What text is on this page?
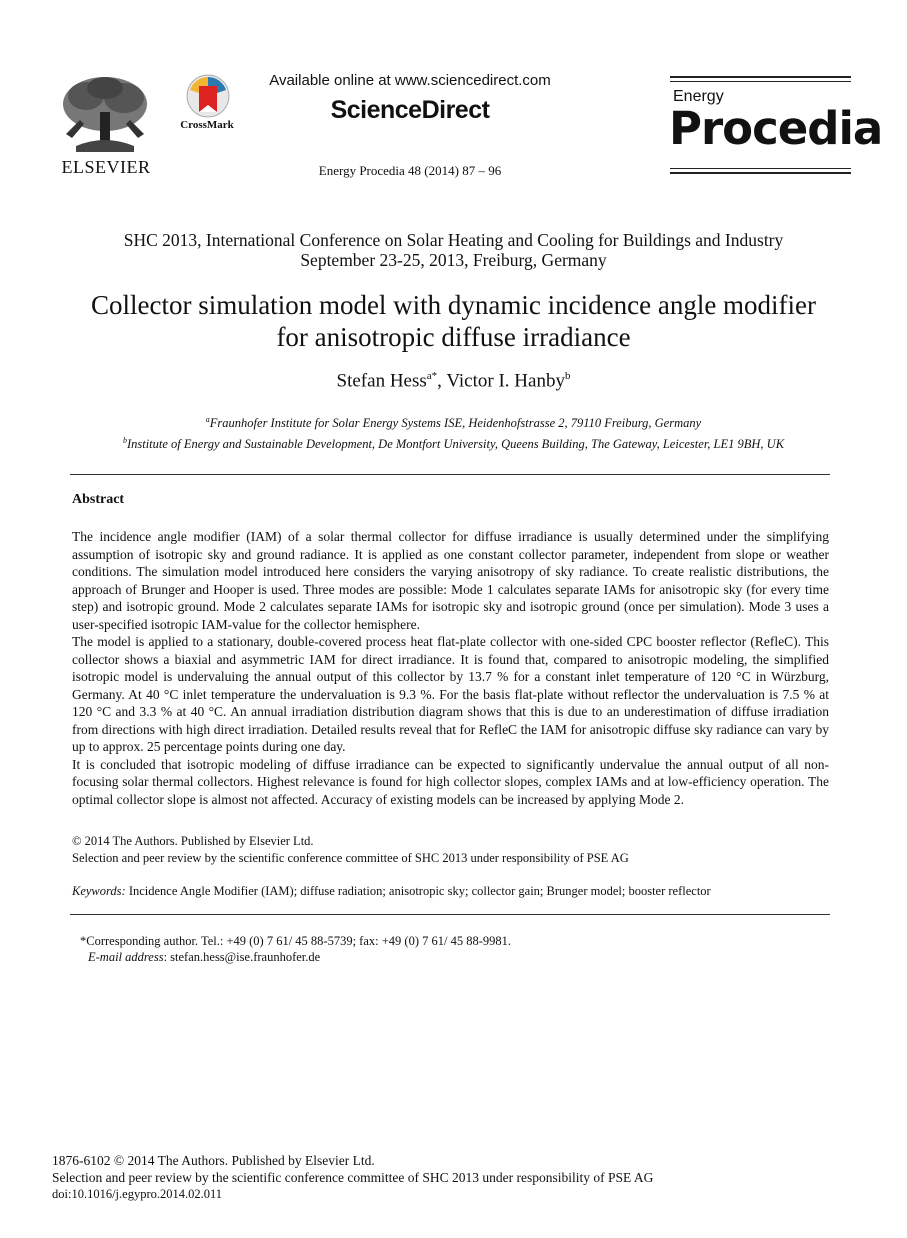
ELSEVIER
CrossMark
Available online at www.sciencedirect.com
ScienceDirect
Energy Procedia 48 (2014) 87 – 96
Energy
Procedia
SHC 2013, International Conference on Solar Heating and Cooling for Buildings and Industry
September 23-25, 2013, Freiburg, Germany
Collector simulation model with dynamic incidence angle modifier
for anisotropic diffuse irradiance
Stefan Hess$^{a*}$, Victor I. Hanby$^b$
$^a$Fraunhofer Institute for Solar Energy Systems ISE, Heidenhofstrasse 2, 79110 Freiburg, Germany
$^b$Institute of Energy and Sustainable Development, De Montfort University, Queens Building, The Gateway, Leicester, LE1 9BH, UK
Abstract

The incidence angle modifier (IAM) of a solar thermal collector for diffuse irradiance is usually determined under the simplifying assumption of isotropic sky and ground radiance. It is applied as one constant collector parameter, independent from slope or weather conditions. The simulation model introduced here considers the varying anisotropy of sky radiance. To create realistic distributions, the approach of Brunger and Hooper is used. Three modes are possible: Mode 1 calculates separate IAMs for anisotropic sky (for every time step) and isotropic ground. Mode 2 calculates separate IAMs for isotropic sky and isotropic ground (once per simulation). Mode 3 uses a user-specified isotropic IAM-value for the collector hemisphere.

The model is applied to a stationary, double-covered process heat flat-plate collector with one-sided CPC booster reflector (RefleC). This collector shows a biaxial and asymmetric IAM for direct irradiance. It is found that, compared to anisotropic modeling, the simplified isotropic model is undervaluing the annual output of this collector by 13.7 % for a constant inlet temperature of 120 °C in Würzburg, Germany. At 40 °C inlet temperature the undervaluation is 9.3 %. For the basis flat-plate without reflector the undervaluation is 7.5 % at 120 °C and 3.3 % at 40 °C. An annual irradiation distribution diagram shows that this is due to an underestimation of diffuse irradiation from directions with high direct irradiation. Detailed results reveal that for RefleC the IAM for anisotropic diffuse sky radiance can vary by up to approx. 25 percentage points during one day.

It is concluded that isotropic modeling of diffuse irradiance can be expected to significantly undervalue the annual output of all non-focusing solar thermal collectors. Highest relevance is found for high collector slopes, complex IAMs and at low-efficiency operation. The optimal collector slope is almost not affected. Accuracy of existing models can be increased by applying Mode 2.

© 2014 The Authors. Published by Elsevier Ltd.
Selection and peer review by the scientific conference committee of SHC 2013 under responsibility of PSE AG
Keywords: Incidence Angle Modifier (IAM); diffuse radiation; anisotropic sky; collector gain; Brunger model; booster reflector
*Corresponding author. Tel.: +49 (0) 7 61/ 45 88-5739; fax: +49 (0) 7 61/ 45 88-9981.
E-mail address: stefan.hess@ise.fraunhofer.de
1876-6102 © 2014 The Authors. Published by Elsevier Ltd.
Selection and peer review by the scientific conference committee of SHC 2013 under responsibility of PSE AG
doi:10.1016/j.egypro.2014.02.011
